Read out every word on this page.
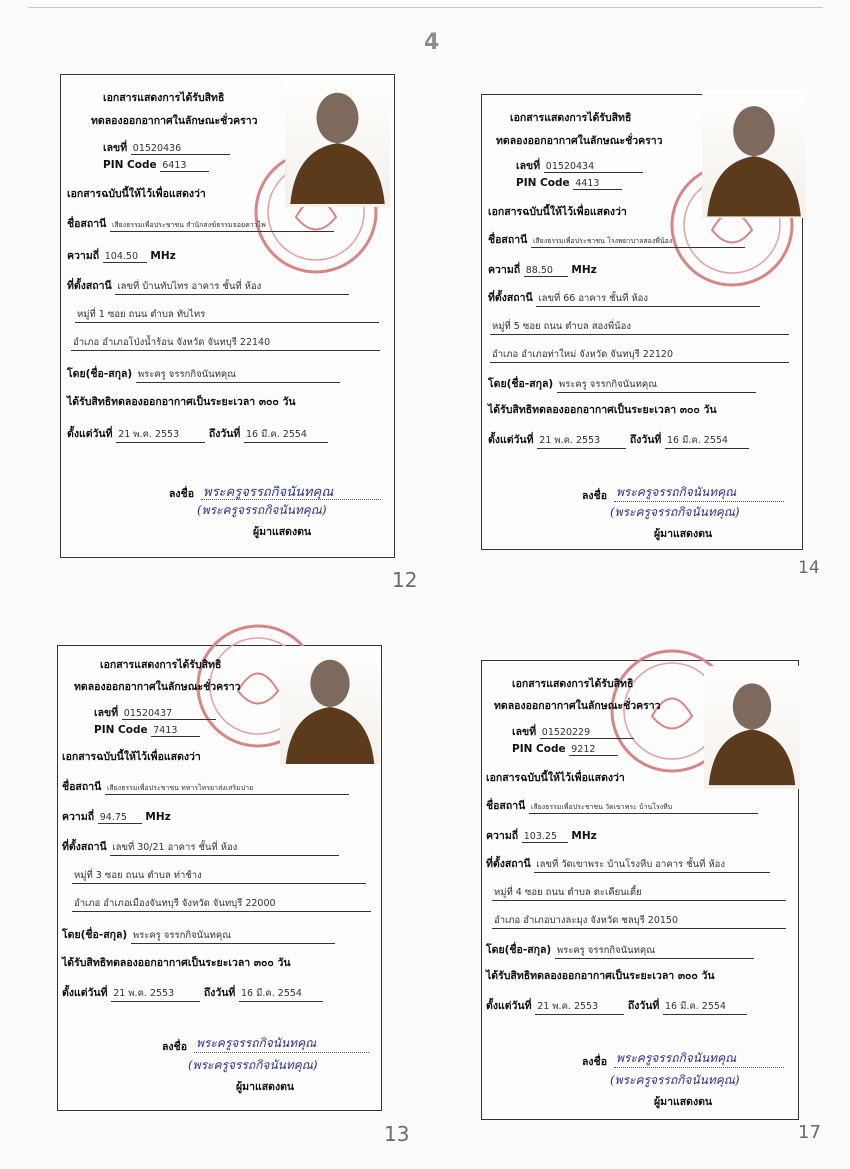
4
เอกสารแสดงการได้รับสิทธิ
ทดลองออกอากาศในลักษณะชั่วคราว
เลขที่ 01520436
PIN Code 6413
เอกสารฉบับนี้ให้ไว้เพื่อแสดงว่า
ชื่อสถานี เสียงธรรมเพื่อประชาชน สำนักสงฆ์ธรรมจอยคาวไพ
ความถี่ 104.50 MHz
ที่ตั้งสถานี เลขที่ บ้านทับไทร อาคาร ชั้นที่ ห้อง
หมู่ที่ 1 ซอย ถนน ตำบล ทับไทร
อำเภอ อำเภอโป่งน้ำร้อน จังหวัด จันทบุรี 22140
โดย(ชื่อ-สกุล) พระครู จรรกกิจนันทคุณ
ได้รับสิทธิทดลองออกอากาศเป็นระยะเวลา ๓๐๐ วัน
ตั้งแต่วันที่ 21 พ.ค. 2553	ถึงวันที่ 16 มี.ค. 2554
ลงชื่อ พระครูจรรถกิจนันทคุณ
(พระครูจรรถกิจนันทคุณ)
ผู้มาแสดงตน
12
เอกสารแสดงการได้รับสิทธิ
ทดลองออกอากาศในลักษณะชั่วคราว
เลขที่ 01520434
PIN Code 4413
เอกสารฉบับนี้ให้ไว้เพื่อแสดงว่า
ชื่อสถานี เสียงธรรมเพื่อประชาชน โรงพยาบาลสองพี่น้อง
ความถี่ 88.50 MHz
ที่ตั้งสถานี เลขที่ 66 อาคาร ชั้นที่ ห้อง
หมู่ที่ 5 ซอย ถนน ตำบล สองพี่น้อง
อำเภอ อำเภอท่าใหม่ จังหวัด จันทบุรี 22120
โดย(ชื่อ-สกุล) พระครู จรรกกิจนันทคุณ
ได้รับสิทธิทดลองออกอากาศเป็นระยะเวลา ๓๐๐ วัน
ตั้งแต่วันที่ 21 พ.ค. 2553	ถึงวันที่ 16 มี.ค. 2554
ลงชื่อ พระครูจรรถกิจนันทคุณ
(พระครูจรรถกิจนันทคุณ)
ผู้มาแสดงตน
14
เอกสารแสดงการได้รับสิทธิ
ทดลองออกอากาศในลักษณะชั่วคราว
เลขที่ 01520437
PIN Code 7413
เอกสารฉบับนี้ให้ไว้เพื่อแสดงว่า
ชื่อสถานี เสียงธรรมเพื่อประชาชน ทหารไทรยาส่งเสริมปาย
ความถี่ 94.75 MHz
ที่ตั้งสถานี เลขที่ 30/21 อาคาร ชั้นที่ ห้อง
หมู่ที่ 3 ซอย ถนน ตำบล ท่าช้าง
อำเภอ อำเภอเมืองจันทบุรี จังหวัด จันทบุรี 22000
โดย(ชื่อ-สกุล) พระครู จรรกกิจนันทคุณ
ได้รับสิทธิทดลองออกอากาศเป็นระยะเวลา ๓๐๐ วัน
ตั้งแต่วันที่ 21 พ.ค. 2553	ถึงวันที่ 16 มี.ค. 2554
ลงชื่อ พระครูจรรถกิจนันทคุณ
(พระครูจรรถกิจนันทคุณ)
ผู้มาแสดงตน
13
เอกสารแสดงการได้รับสิทธิ
ทดลองออกอากาศในลักษณะชั่วคราว
เลขที่ 01520229
PIN Code 9212
เอกสารฉบับนี้ให้ไว้เพื่อแสดงว่า
ชื่อสถานี เสียงธรรมเพื่อประชาชน วัดเขาพระ บ้านโรงหีบ
ความถี่ 103.25 MHz
ที่ตั้งสถานี เลขที่ วัดเขาพระ บ้านโรงหีบ อาคาร ชั้นที่ ห้อง
หมู่ที่ 4 ซอย ถนน ตำบล ตะเคียนเตี้ย
อำเภอ อำเภอบางละมุง จังหวัด ชลบุรี 20150
โดย(ชื่อ-สกุล) พระครู จรรกกิจนันทคุณ
ได้รับสิทธิทดลองออกอากาศเป็นระยะเวลา ๓๐๐ วัน
ตั้งแต่วันที่ 21 พ.ค. 2553	ถึงวันที่ 16 มี.ค. 2554
ลงชื่อ พระครูจรรถกิจนันทคุณ
(พระครูจรรถกิจนันทคุณ)
ผู้มาแสดงตน
17
